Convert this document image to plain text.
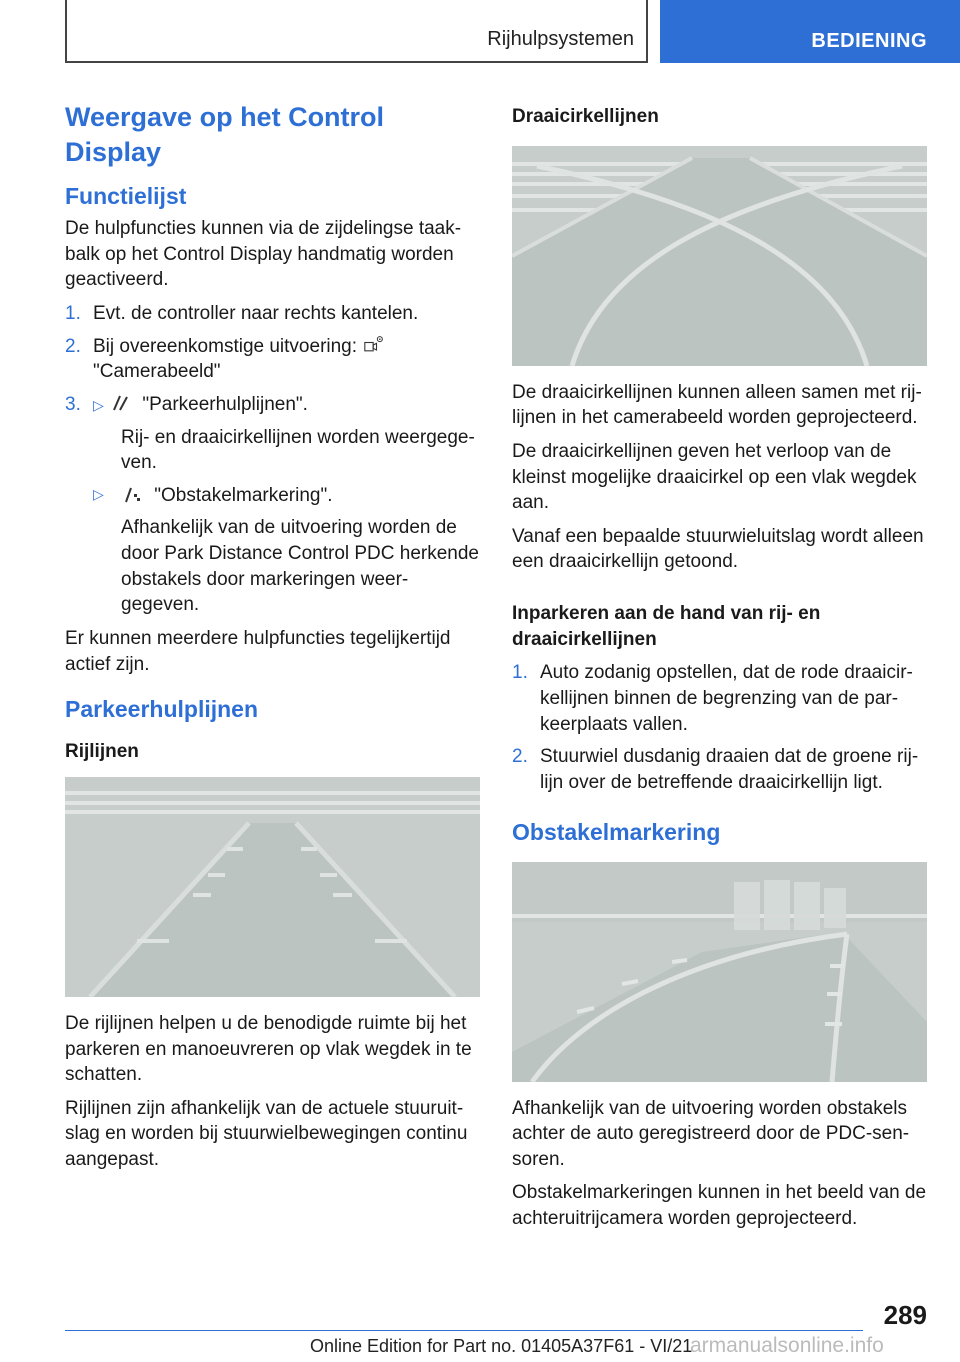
Rijhulpsystemen	BEDIENING
Weergave op het Control Display
Functielijst

De hulpfuncties kunnen via de zijdelingse taakbalk op het Control Display handmatig worden geactiveerd.

1. Evt. de controller naar rechts kantelen.
2. Bij overeenkomstige uitvoering:
"Camerabeeld"
3. ▷ "Parkeerhulplijnen".
Rij- en draaicirkellijnen worden weergegeven.
▷	"Obstakelmarkering".
Afhankelijk van de uitvoering worden de door Park Distance Control PDC herkende obstakels door markeringen weergegeven.

Er kunnen meerdere hulpfuncties tegelijkertijd actief zijn.

Parkeerhulplijnen
Rijlijnen

De rijlijnen helpen u de benodigde ruimte bij het parkeren en manoeuvreren op vlak wegdek in te schatten.

Rijlijnen zijn afhankelijk van de actuele stuuruitslag en worden bij stuurwielbewegingen continu aangepast.

Draaicirkellijnen

De draaicirkellijnen kunnen alleen samen met rijlijnen in het camerabeeld worden geprojecteerd.

De draaicirkellijnen geven het verloop van de kleinst mogelijke draaicirkel op een vlak wegdek aan.

Vanaf een bepaalde stuurwieluitslag wordt alleen een draaicirkellijn getoond.

Inparkeren aan de hand van rij- en draaicirkellijnen
1. Auto zodanig opstellen, dat de rode draaicirkellijnen binnen de begrenzing van de parkeerplaats vallen.
2. Stuurwiel dusdanig draaien dat de groene rijlijn over de betreffende draaicirkellijn ligt.
Obstakelmarkering

Afhankelijk van de uitvoering worden obstakels achter de auto geregistreerd door de PDC-sensoren.

Obstakelmarkeringen kunnen in het beeld van de achteruitrijcamera worden geprojecteerd.

289
Online Edition for Part no. 01405A37F61 - VI/21
armanualsonline.info
